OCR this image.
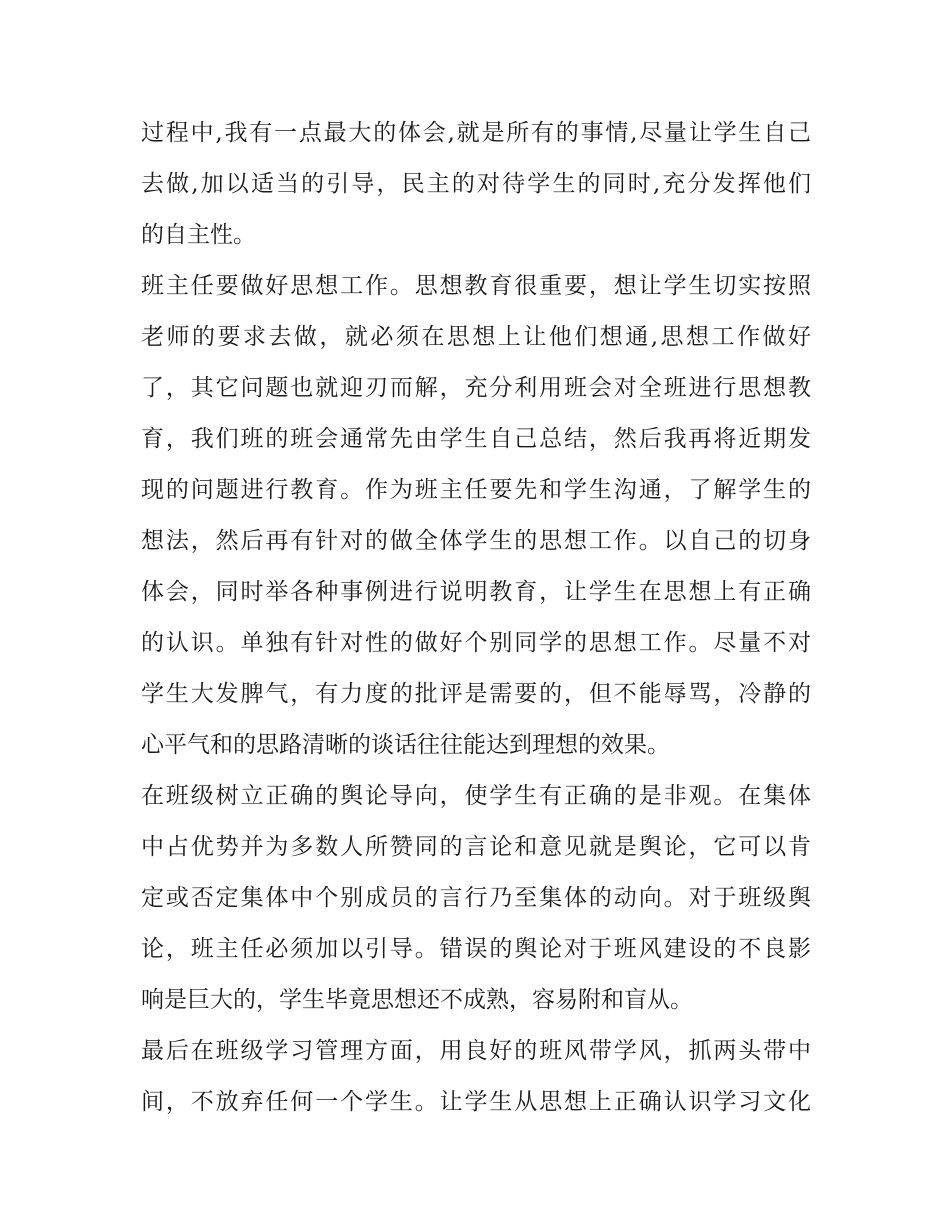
过程中,我有一点最大的体会,就是所有的事情,尽量让学生自己
去做,加以适当的引导，民主的对待学生的同时,充分发挥他们
的自主性。
班主任要做好思想工作。思想教育很重要，想让学生切实按照
老师的要求去做，就必须在思想上让他们想通,思想工作做好
了，其它问题也就迎刃而解，充分利用班会对全班进行思想教
育，我们班的班会通常先由学生自己总结，然后我再将近期发
现的问题进行教育。作为班主任要先和学生沟通，了解学生的
想法，然后再有针对的做全体学生的思想工作。以自己的切身
体会，同时举各种事例进行说明教育，让学生在思想上有正确
的认识。单独有针对性的做好个别同学的思想工作。尽量不对
学生大发脾气，有力度的批评是需要的，但不能辱骂，冷静的
心平气和的思路清晰的谈话往往能达到理想的效果。
在班级树立正确的舆论导向，使学生有正确的是非观。在集体
中占优势并为多数人所赞同的言论和意见就是舆论，它可以肯
定或否定集体中个别成员的言行乃至集体的动向。对于班级舆
论，班主任必须加以引导。错误的舆论对于班风建设的不良影
响是巨大的，学生毕竟思想还不成熟，容易附和盲从。
最后在班级学习管理方面，用良好的班风带学风，抓两头带中
间，不放弃任何一个学生。让学生从思想上正确认识学习文化
